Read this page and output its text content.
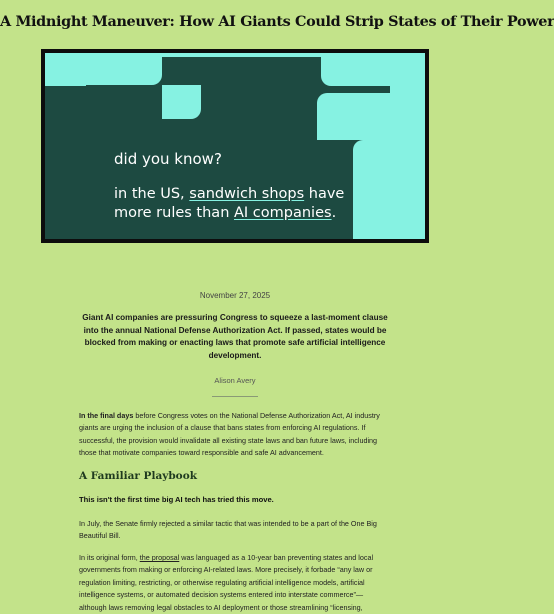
A Midnight Maneuver: How AI Giants Could Strip States of Their Power
did you know?
in the US, sandwich shops have
more rules than AI companies.
November 27, 2025
Giant AI companies are pressuring Congress to squeeze a last-moment clause into the annual National Defense Authorization Act. If passed, states would be blocked from making or enacting laws that promote safe artificial intelligence development.
Alison Avery
In the final days before Congress votes on the National Defense Authorization Act, AI industry giants are urging the inclusion of a clause that bans states from enforcing AI regulations. If successful, the provision would invalidate all existing state laws and ban future laws, including those that motivate companies toward responsible and safe AI advancement.
A Familiar Playbook
This isn't the first time big AI tech has tried this move.
In July, the Senate firmly rejected a similar tactic that was intended to be a part of the One Big Beautiful Bill.
In its original form, the proposal was languaged as a 10-year ban preventing states and local governments from making or enforcing AI-related laws. More precisely, it forbade “any law or regulation limiting, restricting, or otherwise regulating artificial intelligence models, artificial intelligence systems, or automated decision systems entered into interstate commerce”— although laws removing legal obstacles to AI deployment or those streamlining “licensing,
